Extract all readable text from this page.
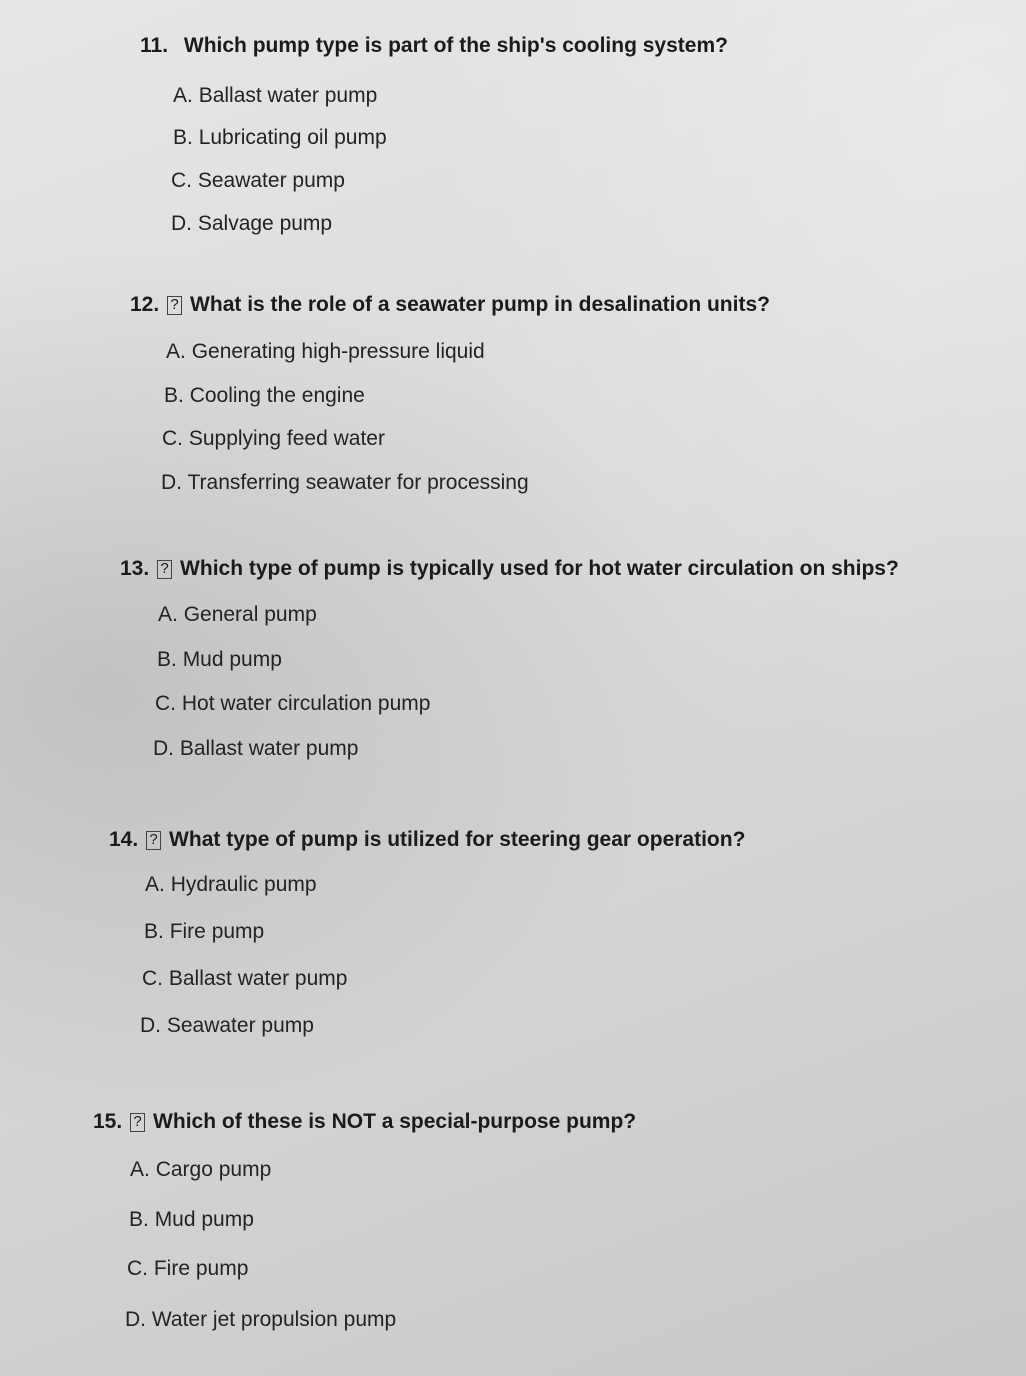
11. Which pump type is part of the ship's cooling system?
A. Ballast water pump
B. Lubricating oil pump
C. Seawater pump
D. Salvage pump
12. ? What is the role of a seawater pump in desalination units?
A. Generating high-pressure liquid
B. Cooling the engine
C. Supplying feed water
D. Transferring seawater for processing
13. ? Which type of pump is typically used for hot water circulation on ships?
A. General pump
B. Mud pump
C. Hot water circulation pump
D. Ballast water pump
14. ? What type of pump is utilized for steering gear operation?
A. Hydraulic pump
B. Fire pump
C. Ballast water pump
D. Seawater pump
15. ? Which of these is NOT a special-purpose pump?
A. Cargo pump
B. Mud pump
C. Fire pump
D. Water jet propulsion pump
